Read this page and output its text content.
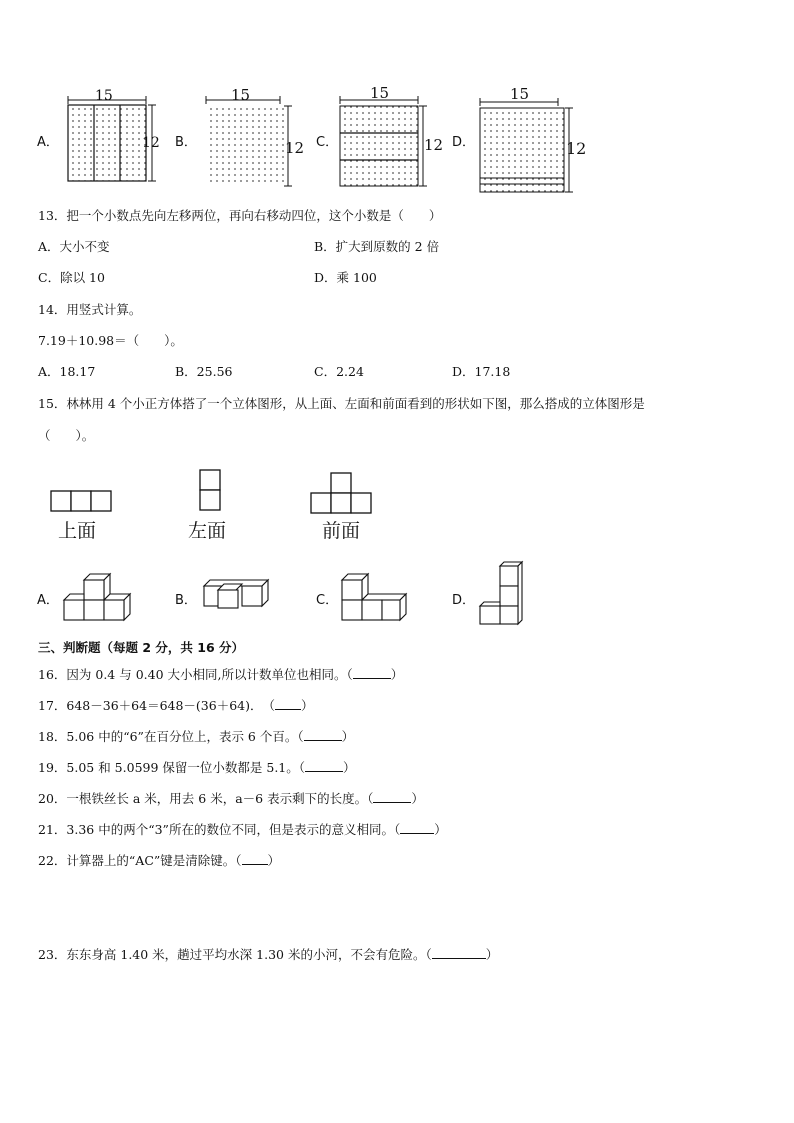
A．
15
12 B．
15
12 C．
15
12 D．
15
12
13．把一个小数点先向左移两位，再向右移动四位，这个小数是（　　）
A．大小不变	B．扩大到原数的 2 倍
C．除以 10	D．乘 100
14．用竖式计算。
7.19＋10.98＝（　　）。
A．18.17	B．25.56	C．2.24	D．17.18
15．林林用 4 个小正方体搭了一个立体图形，从上面、左面和前面看到的形状如下图，那么搭成的立体图形是
（　　）。
上面	左面	前面
A．	B．	C．	D．
三、判断题（每题 2 分，共 16 分）
16．因为 0.4 与 0.40 大小相同,所以计数单位也相同。（	）
17．648－36＋64＝648－(36＋64)．　（ ）
18．5.06 中的“6”在百分位上，表示 6 个百。（	）
19．5.05 和 5.0599 保留一位小数都是 5.1。（	）
20．一根铁丝长 a 米，用去 6 米，a－6 表示剩下的长度。（	）
21．3.36 中的两个“3”所在的数位不同，但是表示的意义相同。（	）
22．计算器上的“AC”键是清除键。（ ）
23．东东身高 1.40 米，趟过平均水深 1.30 米的小河，不会有危险。（	）
